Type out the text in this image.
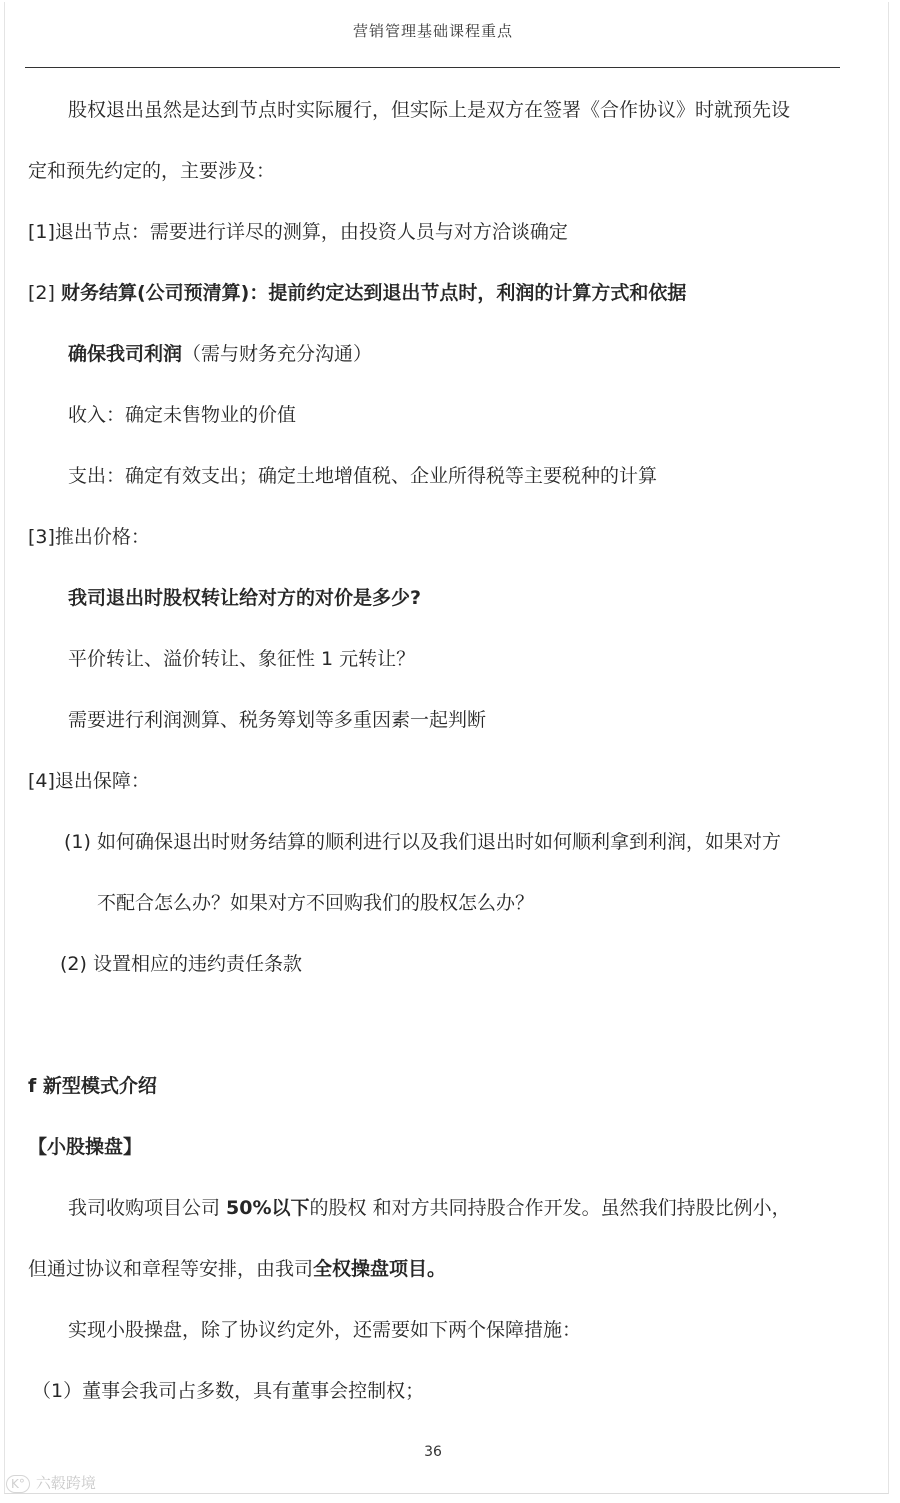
营销管理基础课程重点
股权退出虽然是达到节点时实际履行，但实际上是双方在签署《合作协议》时就预先设
定和预先约定的，主要涉及：
[1]退出节点：需要进行详尽的测算，由投资人员与对方洽谈确定
[2] 财务结算(公司预清算)：提前约定达到退出节点时，利润的计算方式和依据
确保我司利润（需与财务充分沟通）
收入：确定未售物业的价值
支出：确定有效支出；确定土地增值税、企业所得税等主要税种的计算
[3]推出价格：
我司退出时股权转让给对方的对价是多少?
平价转让、溢价转让、象征性 1 元转让？
需要进行利润测算、税务筹划等多重因素一起判断
[4]退出保障：
(1) 如何确保退出时财务结算的顺利进行以及我们退出时如何顺利拿到利润，如果对方
不配合怎么办？如果对方不回购我们的股权怎么办？
(2) 设置相应的违约责任条款
f 新型模式介绍
【小股操盘】
我司收购项目公司 50%以下的股权 和对方共同持股合作开发。虽然我们持股比例小，
但通过协议和章程等安排，由我司全权操盘项目。
实现小股操盘，除了协议约定外，还需要如下两个保障措施：
（1）董事会我司占多数，具有董事会控制权；
36
K° 六毂跨境
